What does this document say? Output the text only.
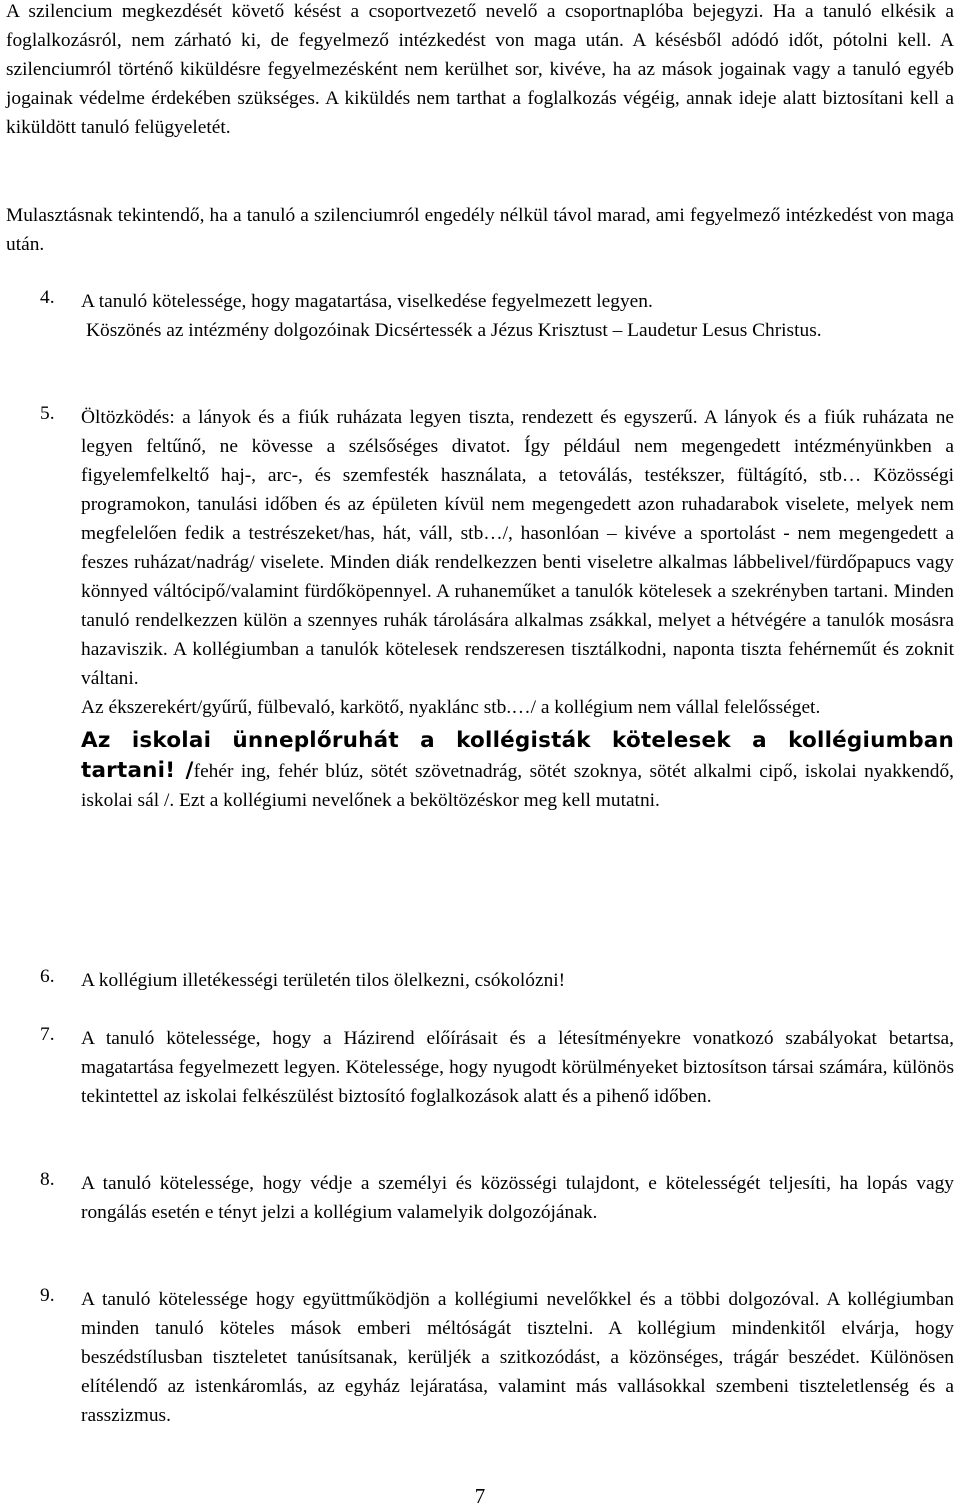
A szilencium megkezdését követő késést a csoportvezető nevelő a csoportnaplóba bejegyzi. Ha a tanuló elkésik a foglalkozásról, nem zárható ki, de fegyelmező intézkedést von maga után. A késésből adódó időt, pótolni kell. A szilenciumról történő kiküldésre fegyelmezésként nem kerülhet sor, kivéve, ha az mások jogainak vagy a tanuló egyéb jogainak védelme érdekében szükséges. A kiküldés nem tarthat a foglalkozás végéig, annak ideje alatt biztosítani kell a kiküldött tanuló felügyeletét.

Mulasztásnak tekintendő, ha a tanuló a szilenciumról engedély nélkül távol marad, ami fegyelmező intézkedést von maga után.

4.	A tanuló kötelessége, hogy magatartása, viselkedése fegyelmezett legyen.

Köszönés az intézmény dolgozóinak Dicsértessék a Jézus Krisztust – Laudetur Lesus Christus.

5.	Öltözködés: a lányok és a fiúk ruházata legyen tiszta, rendezett és egyszerű. A lányok és a fiúk ruházata ne legyen feltűnő, ne kövesse a szélsőséges divatot. Így például nem megengedett intézményünkben a figyelemfelkeltő haj-, arc-, és szemfesték használata, a tetoválás, testékszer, fültágító, stb… Közösségi programokon, tanulási időben és az épületen kívül nem megengedett azon ruhadarabok viselete, melyek nem megfelelően fedik a testrészeket/has, hát, váll, stb…/, hasonlóan – kivéve a sportolást - nem megengedett a feszes ruházat/nadrág/ viselete. Minden diák rendelkezzen benti viseletre alkalmas lábbelivel/fürdőpapucs vagy könnyed váltócipő/valamint fürdőköpennyel. A ruhaneműket a tanulók kötelesek a szekrényben tartani. Minden tanuló rendelkezzen külön a szennyes ruhák tárolására alkalmas zsákkal, melyet a hétvégére a tanulók mosásra hazaviszik. A kollégiumban a tanulók kötelesek rendszeresen tisztálkodni, naponta tiszta fehérneműt és zoknit váltani.

Az ékszerekért/gyűrű, fülbevaló, karkötő, nyaklánc stb.…/ a kollégium nem vállal felelősséget.

Az iskolai ünneplőruhát a kollégisták kötelesek a kollégiumban tartani! /fehér ing, fehér blúz, sötét szövetnadrág, sötét szoknya, sötét alkalmi cipő, iskolai nyakkendő, iskolai sál /. Ezt a kollégiumi nevelőnek a beköltözéskor meg kell mutatni.

6.	A kollégium illetékességi területén tilos ölelkezni, csókolózni!

7.	A tanuló kötelessége, hogy a Házirend előírásait és a létesítményekre vonatkozó szabályokat betartsa, magatartása fegyelmezett legyen. Kötelessége, hogy nyugodt körülményeket biztosítson társai számára, különös tekintettel az iskolai felkészülést biztosító foglalkozások alatt és a pihenő időben.

8.	A tanuló kötelessége, hogy védje a személyi és közösségi tulajdont, e kötelességét teljesíti, ha lopás vagy rongálás esetén e tényt jelzi a kollégium valamelyik dolgozójának.

9.	A tanuló kötelessége hogy együttműködjön a kollégiumi nevelőkkel és a többi dolgozóval. A kollégiumban minden tanuló köteles mások emberi méltóságát tisztelni. A kollégium mindenkitől elvárja, hogy beszédstílusban tiszteletet tanúsítsanak, kerüljék a szitkozódást, a közönséges, trágár beszédet. Különösen elítélendő az istenkáromlás, az egyház lejáratása, valamint más vallásokkal szembeni tiszteletlenség és a rasszizmus.

7
